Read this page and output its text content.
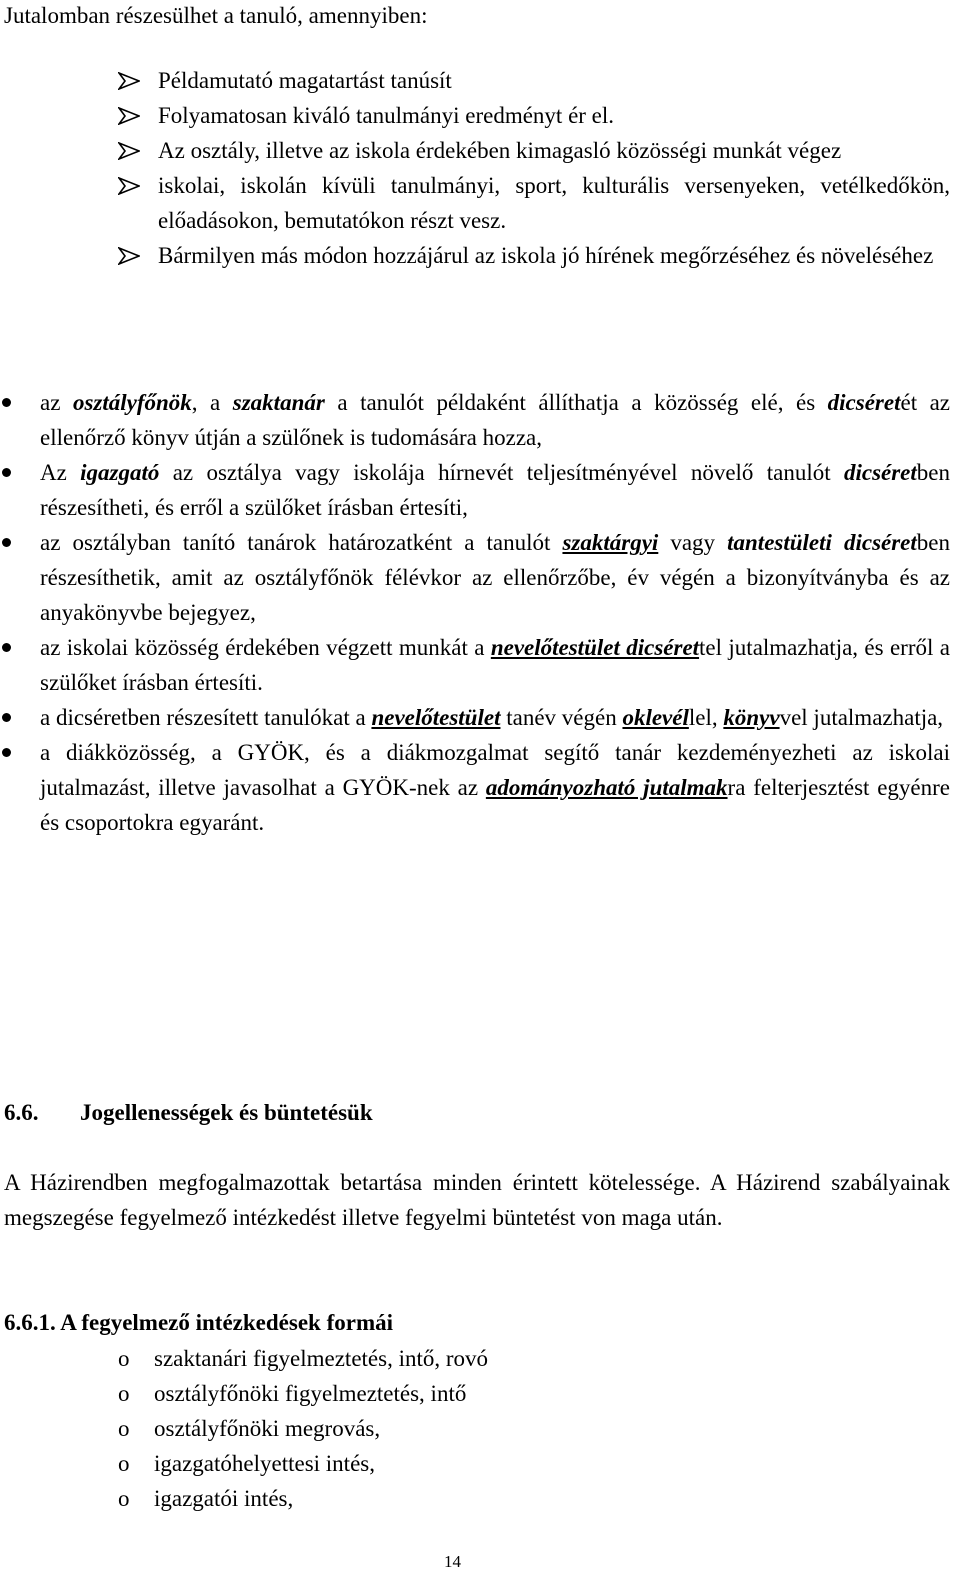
Jutalomban részesülhet a tanuló, amennyiben:
Példamutató magatartást tanúsít
Folyamatosan kiváló tanulmányi eredményt ér el.
Az osztály, illetve az iskola érdekében kimagasló közösségi munkát végez
iskolai, iskolán kívüli tanulmányi, sport, kulturális versenyeken, vetélkedőkön, előadásokon, bemutatókon részt vesz.
Bármilyen más módon hozzájárul az iskola jó hírének megőrzéséhez és növeléséhez
az osztályfőnök, a szaktanár a tanulót példaként állíthatja a közösség elé, és dicséretét az ellenőrző könyv útján a szülőnek is tudomására hozza,
Az igazgató az osztálya vagy iskolája hírnevét teljesítményével növelő tanulót dicséretben részesítheti, és erről a szülőket írásban értesíti,
az osztályban tanító tanárok határozatként a tanulót szaktárgyi vagy tantestületi dicséretben részesíthetik, amit az osztályfőnök félévkor az ellenőrzőbe, év végén a bizonyítványba és az anyakönyvbe bejegyez,
az iskolai közösség érdekében végzett munkát a nevelőtestület dicsérettel jutalmazhatja, és erről a szülőket írásban értesíti.
a dicséretben részesített tanulókat a nevelőtestület tanév végén oklevéllel, könyvvel jutalmazhatja,
a diákközösség, a GYÖK, és a diákmozgalmat segítő tanár kezdeményezheti az iskolai jutalmazást, illetve javasolhat a GYÖK-nek az adományozható jutalmakra felterjesztést egyénre és csoportokra egyaránt.
6.6. Jogellenességek és büntetésük
A Házirendben megfogalmazottak betartása minden érintett kötelessége. A Házirend szabályainak megszegése fegyelmező intézkedést illetve fegyelmi büntetést von maga után.
6.6.1. A fegyelmező intézkedések formái
o szaktanári figyelmeztetés, intő, rovó
o osztályfőnöki figyelmeztetés, intő
o osztályfőnöki megrovás,
o igazgatóhelyettesi intés,
o igazgatói intés,
14
